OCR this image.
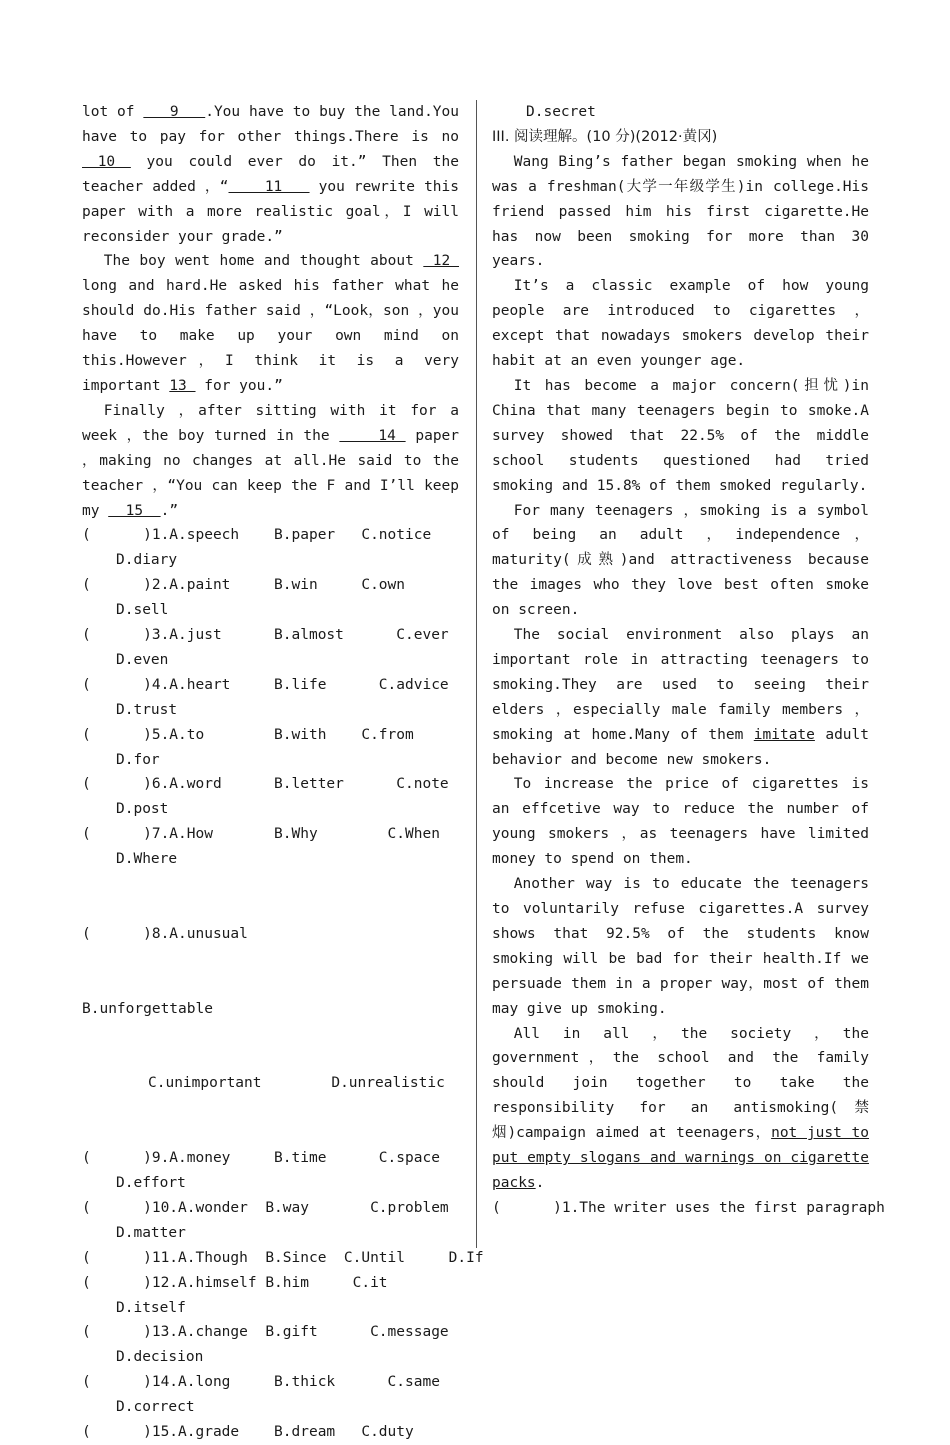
lot of    9   .You have to buy the land.You have to pay for other things.There is no  10  you could ever do it.” Then the teacher added ，“    11    you rewrite this paper with a more realistic goal，I will reconsider your grade.”

The boy went home and thought about  12  long and hard.He asked his father what he should do.His father said ，“Look，son ，you have to make up your own mind on this.However，I think it is a very important 13  for you.”

Finally ，after sitting with it for a week ，the boy turned in the     14  paper ，making no changes at all.He said to the teacher ，“You can keep the F and I’ll keep my   15  .”

(      )1.A.speech    B.paper   C.notice
D.diary
(      )2.A.paint     B.win     C.own
D.sell
(      )3.A.just      B.almost      C.ever
D.even
(      )4.A.heart     B.life      C.advice
D.trust
(      )5.A.to        B.with    C.from
D.for
(      )6.A.word      B.letter      C.note
D.post
(      )7.A.How       B.Why        C.When
D.Where

(      )8.A.unusual

B.unforgettable

C.unimportant	D.unrealistic

(      )9.A.money     B.time      C.space
D.effort
(      )10.A.wonder  B.way       C.problem
D.matter
(      )11.A.Though  B.Since  C.Until     D.If
(      )12.A.himself B.him     C.it
D.itself
(      )13.A.change  B.gift      C.message
D.decision
(      )14.A.long     B.thick      C.same
D.correct
(      )15.A.grade    B.dream   C.duty

D.secret

III. 阅读理解。(10 分)(2012·黄冈)

Wang Bing’s father began smoking when he was a freshman(大学一年级学生)in college.His friend passed him his first cigarette.He has now been smoking for more than 30 years.

It’s a classic example of how young people are introduced to cigarettes ，except that nowadays smokers develop their habit at an even younger age.

It has become a major concern(担忧)in China that many teenagers begin to smoke.A survey showed that 22.5% of the middle school students questioned had tried smoking and 15.8% of them smoked regularly.

For many teenagers ，smoking is a symbol of being an adult ，independence，maturity(成熟)and attractiveness because the images who they love best often smoke on screen.

The social environment also plays an important role in attracting teenagers to smoking.They are used to seeing their elders ，especially male family members ，smoking at home.Many of them imitate adult behavior and become new smokers.

To increase the price of cigarettes is an effcetive way to reduce the number of young smokers ，as teenagers have limited money to spend on them.

Another way is to educate the teenagers to voluntarily refuse cigarettes.A survey shows that 92.5% of the students know smoking will be bad for their health.If we persuade them in a proper way，most of them may give up smoking.

All in all ，the society ，the government，the school and the family should join together to take the responsibility for an antismoking(禁烟)campaign aimed at teenagers，not just to put empty slogans and warnings on cigarette packs.

(      )1.The writer uses the first paragraph
